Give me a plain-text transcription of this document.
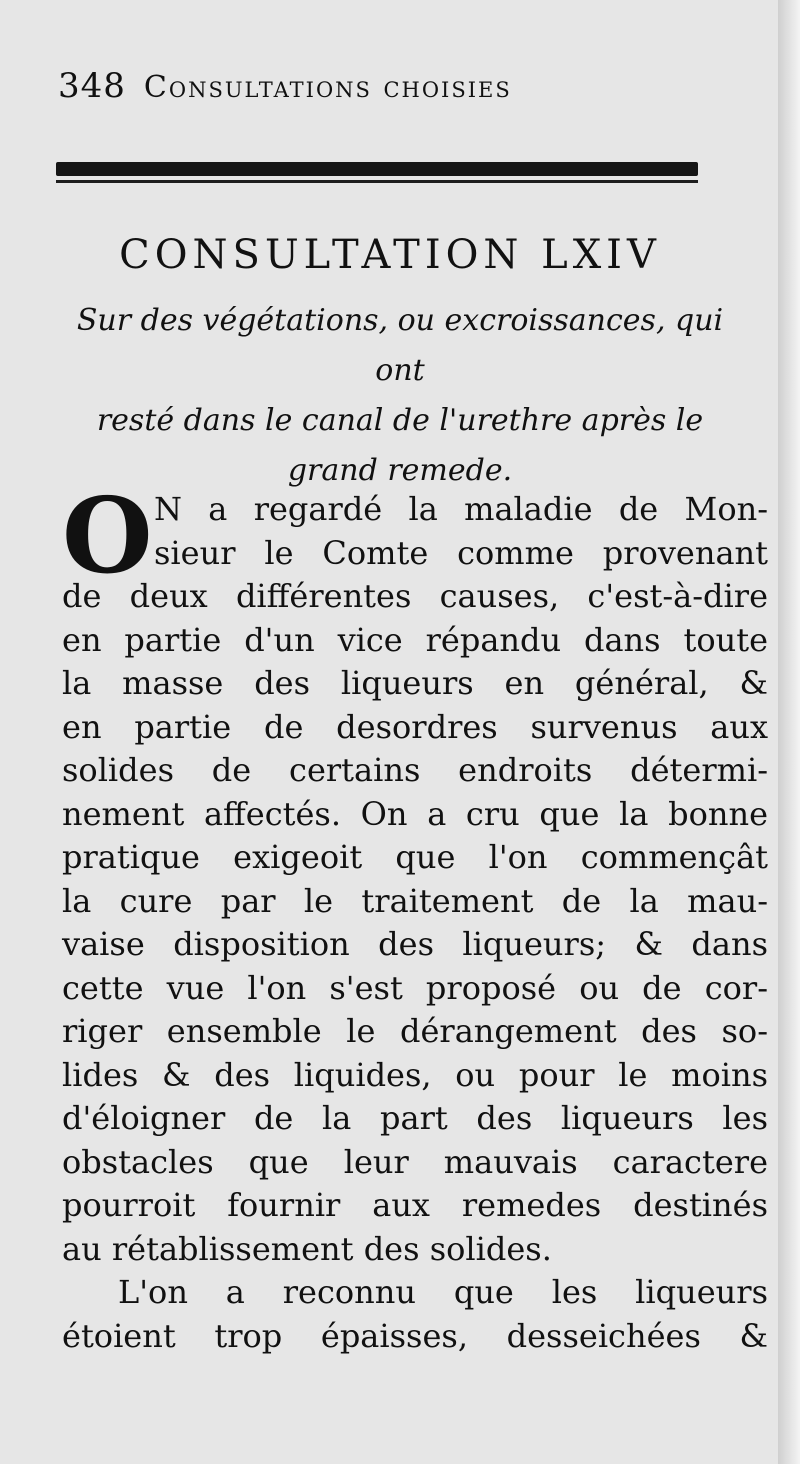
348 Consultations choisies
CONSULTATION LXIV
Sur des végétations, ou excroissances, qui ont
resté dans le canal de l'urethre après le
grand remede.
O N a regardé la maladie de Mon-
sieur le Comte comme provenant
de deux différentes causes, c'est-à-dire
en partie d'un vice répandu dans toute
la masse des liqueurs en général, &
en partie de desordres survenus aux
solides de certains endroits détermi-
nement affectés. On a cru que la bonne
pratique exigeoit que l'on commençât
la cure par le traitement de la mau-
vaise disposition des liqueurs; & dans
cette vue l'on s'est proposé ou de cor-
riger ensemble le dérangement des so-
lides & des liquides, ou pour le moins
d'éloigner de la part des liqueurs les
obstacles que leur mauvais caractere
pourroit fournir aux remedes destinés
au rétablissement des solides.
L'on a reconnu que les liqueurs
étoient trop épaisses, desseichées &
